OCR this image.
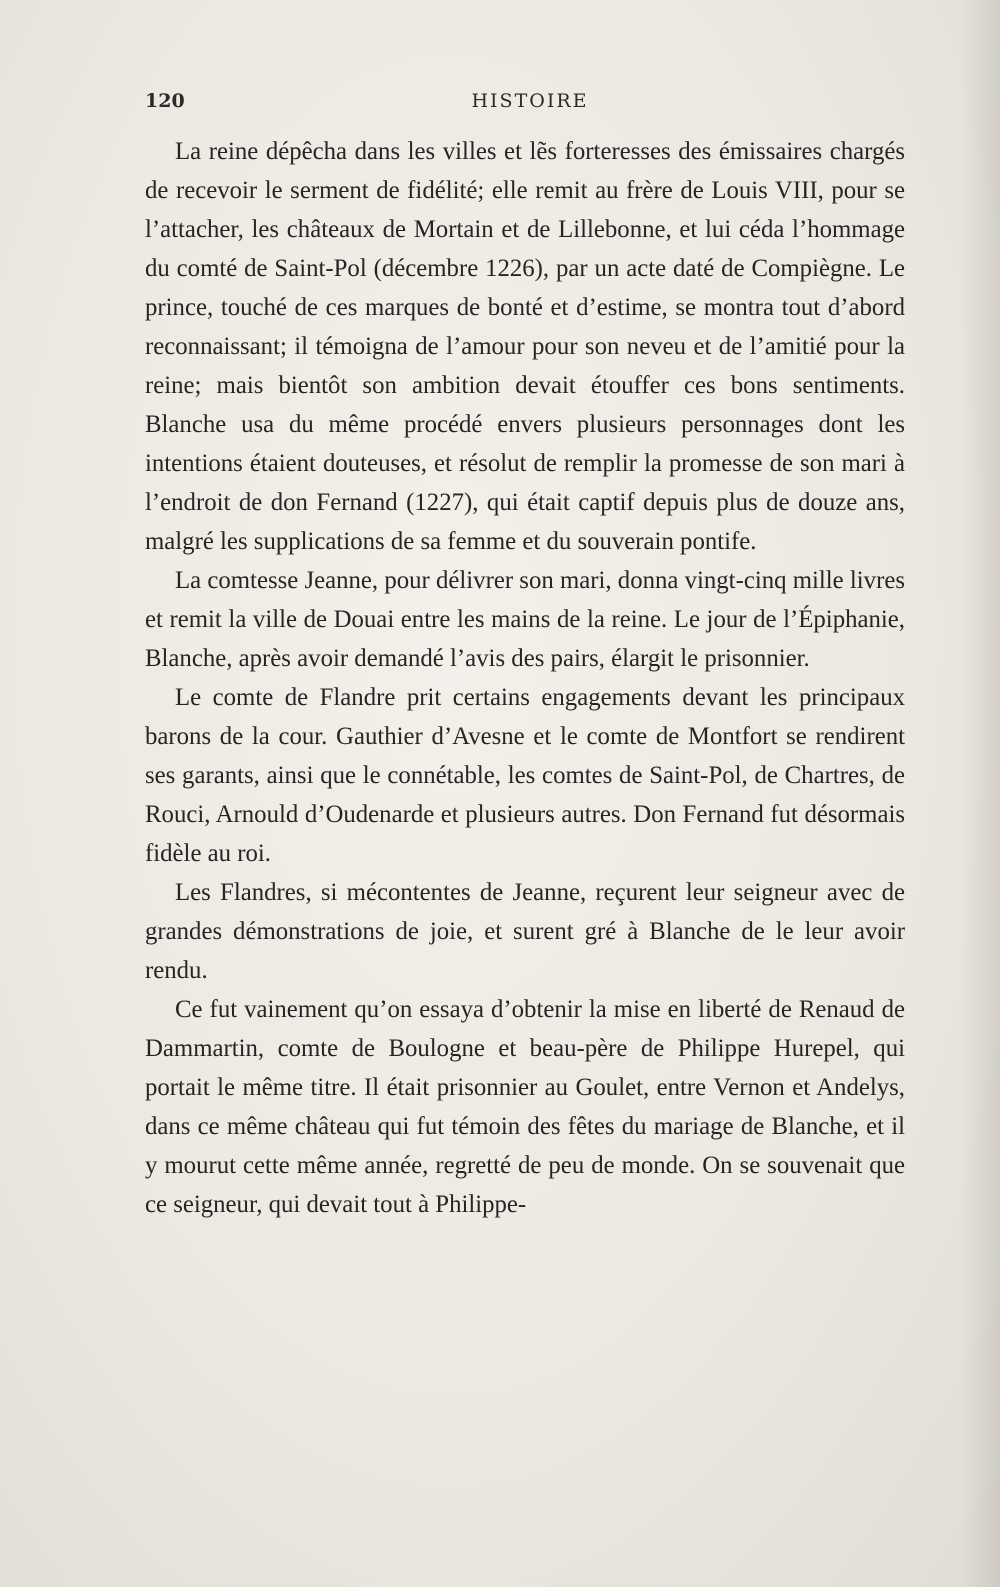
120	HISTOIRE

La reine dépêcha dans les villes et lẽs forteresses des émissaires chargés de recevoir le serment de fidélité; elle remit au frère de Louis VIII, pour se l’attacher, les châteaux de Mortain et de Lillebonne, et lui céda l’hommage du comté de Saint-Pol (décembre 1226), par un acte daté de Compiègne. Le prince, touché de ces marques de bonté et d’estime, se montra tout d’abord reconnaissant; il témoigna de l’amour pour son neveu et de l’amitié pour la reine; mais bientôt son ambition devait étouffer ces bons sentiments. Blanche usa du même procédé envers plusieurs personnages dont les intentions étaient douteuses, et résolut de remplir la promesse de son mari à l’endroit de don Fernand (1227), qui était captif depuis plus de douze ans, malgré les supplications de sa femme et du souverain pontife.

La comtesse Jeanne, pour délivrer son mari, donna vingt-cinq mille livres et remit la ville de Douai entre les mains de la reine. Le jour de l’Épiphanie, Blanche, après avoir demandé l’avis des pairs, élargit le prisonnier.

Le comte de Flandre prit certains engagements devant les principaux barons de la cour. Gauthier d’Avesne et le comte de Montfort se rendirent ses garants, ainsi que le connétable, les comtes de Saint-Pol, de Chartres, de Rouci, Arnould d’Oudenarde et plusieurs autres. Don Fernand fut désormais fidèle au roi.

Les Flandres, si mécontentes de Jeanne, reçurent leur seigneur avec de grandes démonstrations de joie, et surent gré à Blanche de le leur avoir rendu.

Ce fut vainement qu’on essaya d’obtenir la mise en liberté de Renaud de Dammartin, comte de Boulogne et beau-père de Philippe Hurepel, qui portait le même titre. Il était prisonnier au Goulet, entre Vernon et Andelys, dans ce même château qui fut témoin des fêtes du mariage de Blanche, et il y mourut cette même année, regretté de peu de monde. On se souvenait que ce seigneur, qui devait tout à Philippe-
